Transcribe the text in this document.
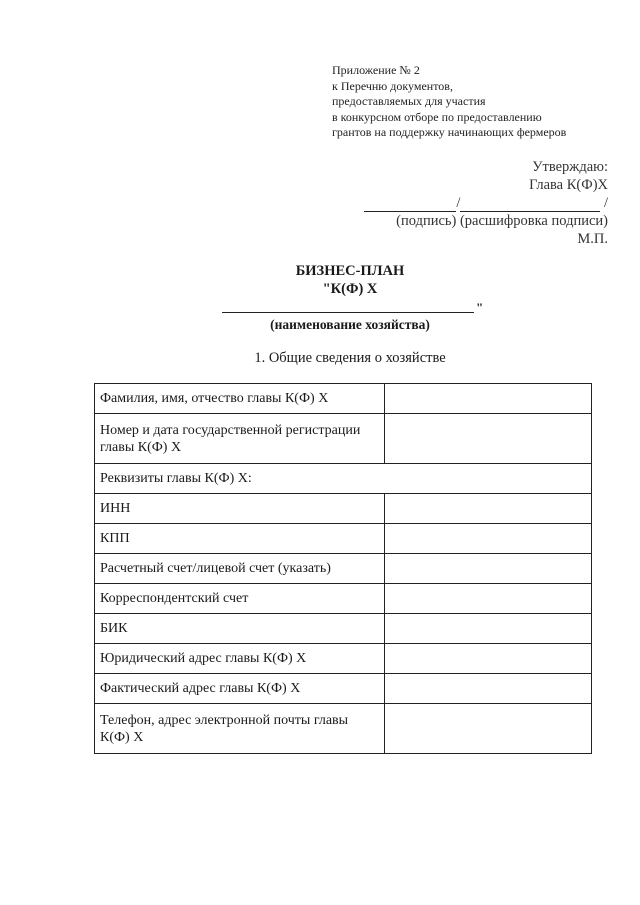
Приложение № 2
к Перечню документов,
предоставляемых для участия
в конкурсном отборе по предоставлению
грантов на поддержку начинающих фермеров
Утверждаю:
Глава К(Ф)Х
/	/
(подпись) (расшифровка подписи)
М.П.
БИЗНЕС-ПЛАН
"К(Ф) Х
"
(наименование хозяйства)
1. Общие сведения о хозяйстве
Фамилия, имя, отчество главы К(Ф) Х	
Номер и дата государственной регистрации главы К(Ф) Х	
Реквизиты главы К(Ф) Х:	
ИНН	
КПП	
Расчетный счет/лицевой счет (указать)	
Корреспондентский счет	
БИК	
Юридический адрес главы К(Ф) Х	
Фактический адрес главы К(Ф) Х	
Телефон, адрес электронной почты главы К(Ф) Х	
